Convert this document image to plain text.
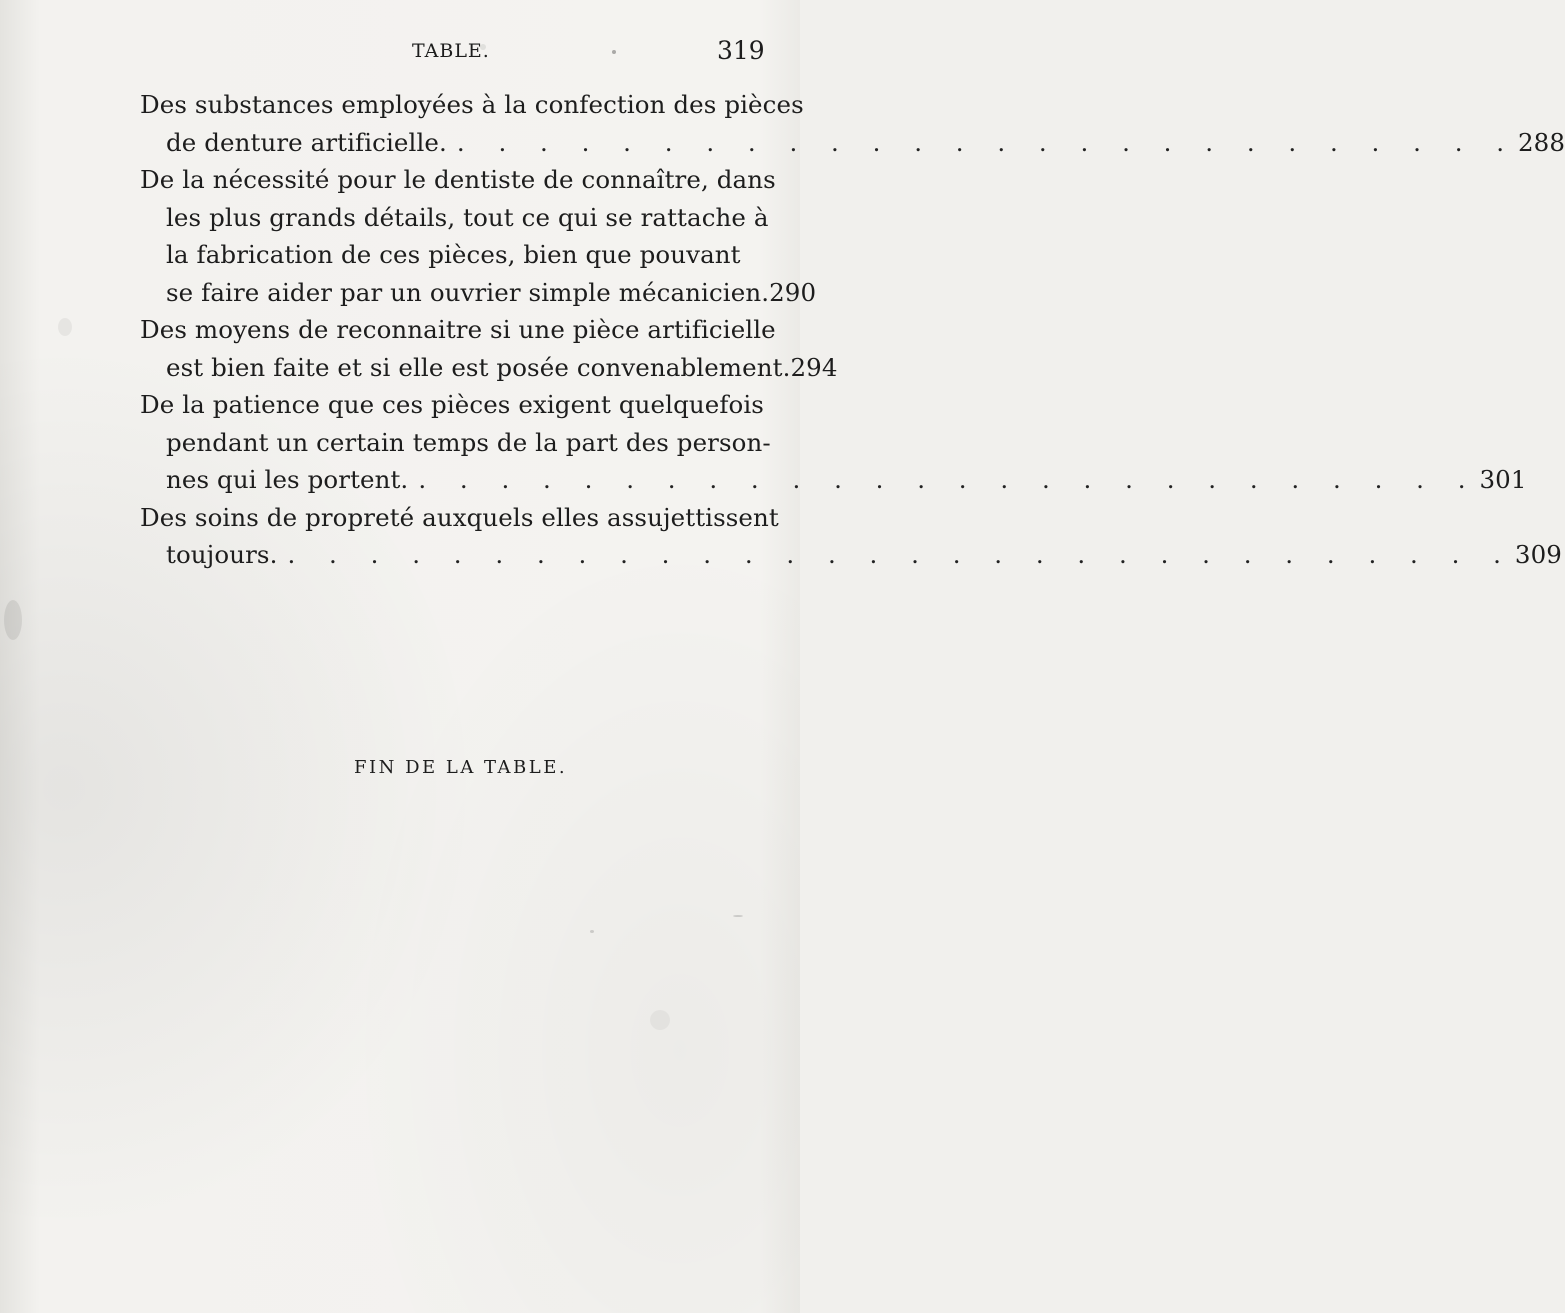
TABLE.	319
Des substances employées à la confection des pièces
de denture artificielle. . . . . . . . . . . . . . . . . . . . . . . . . . . 288
De la nécessité pour le dentiste de connaître, dans
les plus grands détails, tout ce qui se rattache à
la fabrication de ces pièces, bien que pouvant
se faire aider par un ouvrier simple mécanicien. 290
Des moyens de reconnaitre si une pièce artificielle
est bien faite et si elle est posée convenablement. 294
De la patience que ces pièces exigent quelquefois
pendant un certain temps de la part des person-
nes qui les portent. . . . . . . . . . . . . . . . . . . . . . . . . . . 301
Des soins de propreté auxquels elles assujettissent
toujours. . . . . . . . . . . . . . . . . . . . . . . . . . . . . . . 309
FIN DE LA TABLE.
